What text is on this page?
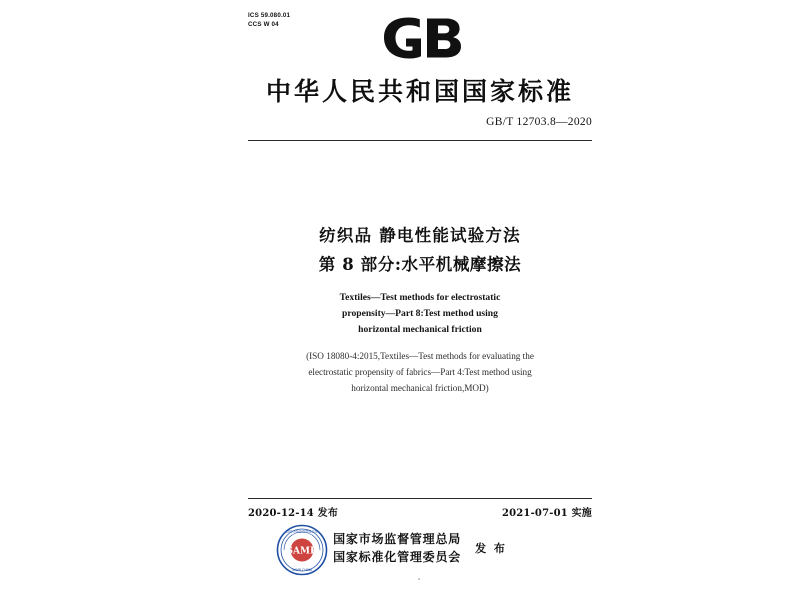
ICS 59.080.01
CCS W 04
中华人民共和国国家标准
GB/T 12703.8—2020
纺织品 静电性能试验方法
第 8 部分:水平机械摩擦法
Textiles—Test methods for electrostatic
propensity—Part 8:Test method using
horizontal mechanical friction
(ISO 18080-4:2015,Textiles—Test methods for evaluating the
electrostatic propensity of fabrics—Part 4:Test method using
horizontal mechanical friction,MOD)
2020-12-14 发布	2021-07-01 实施
SAMR
国家市场监督管理总局
SAMR CHINA
国家市场监督管理总局
国家标准化管理委员会
发 布
